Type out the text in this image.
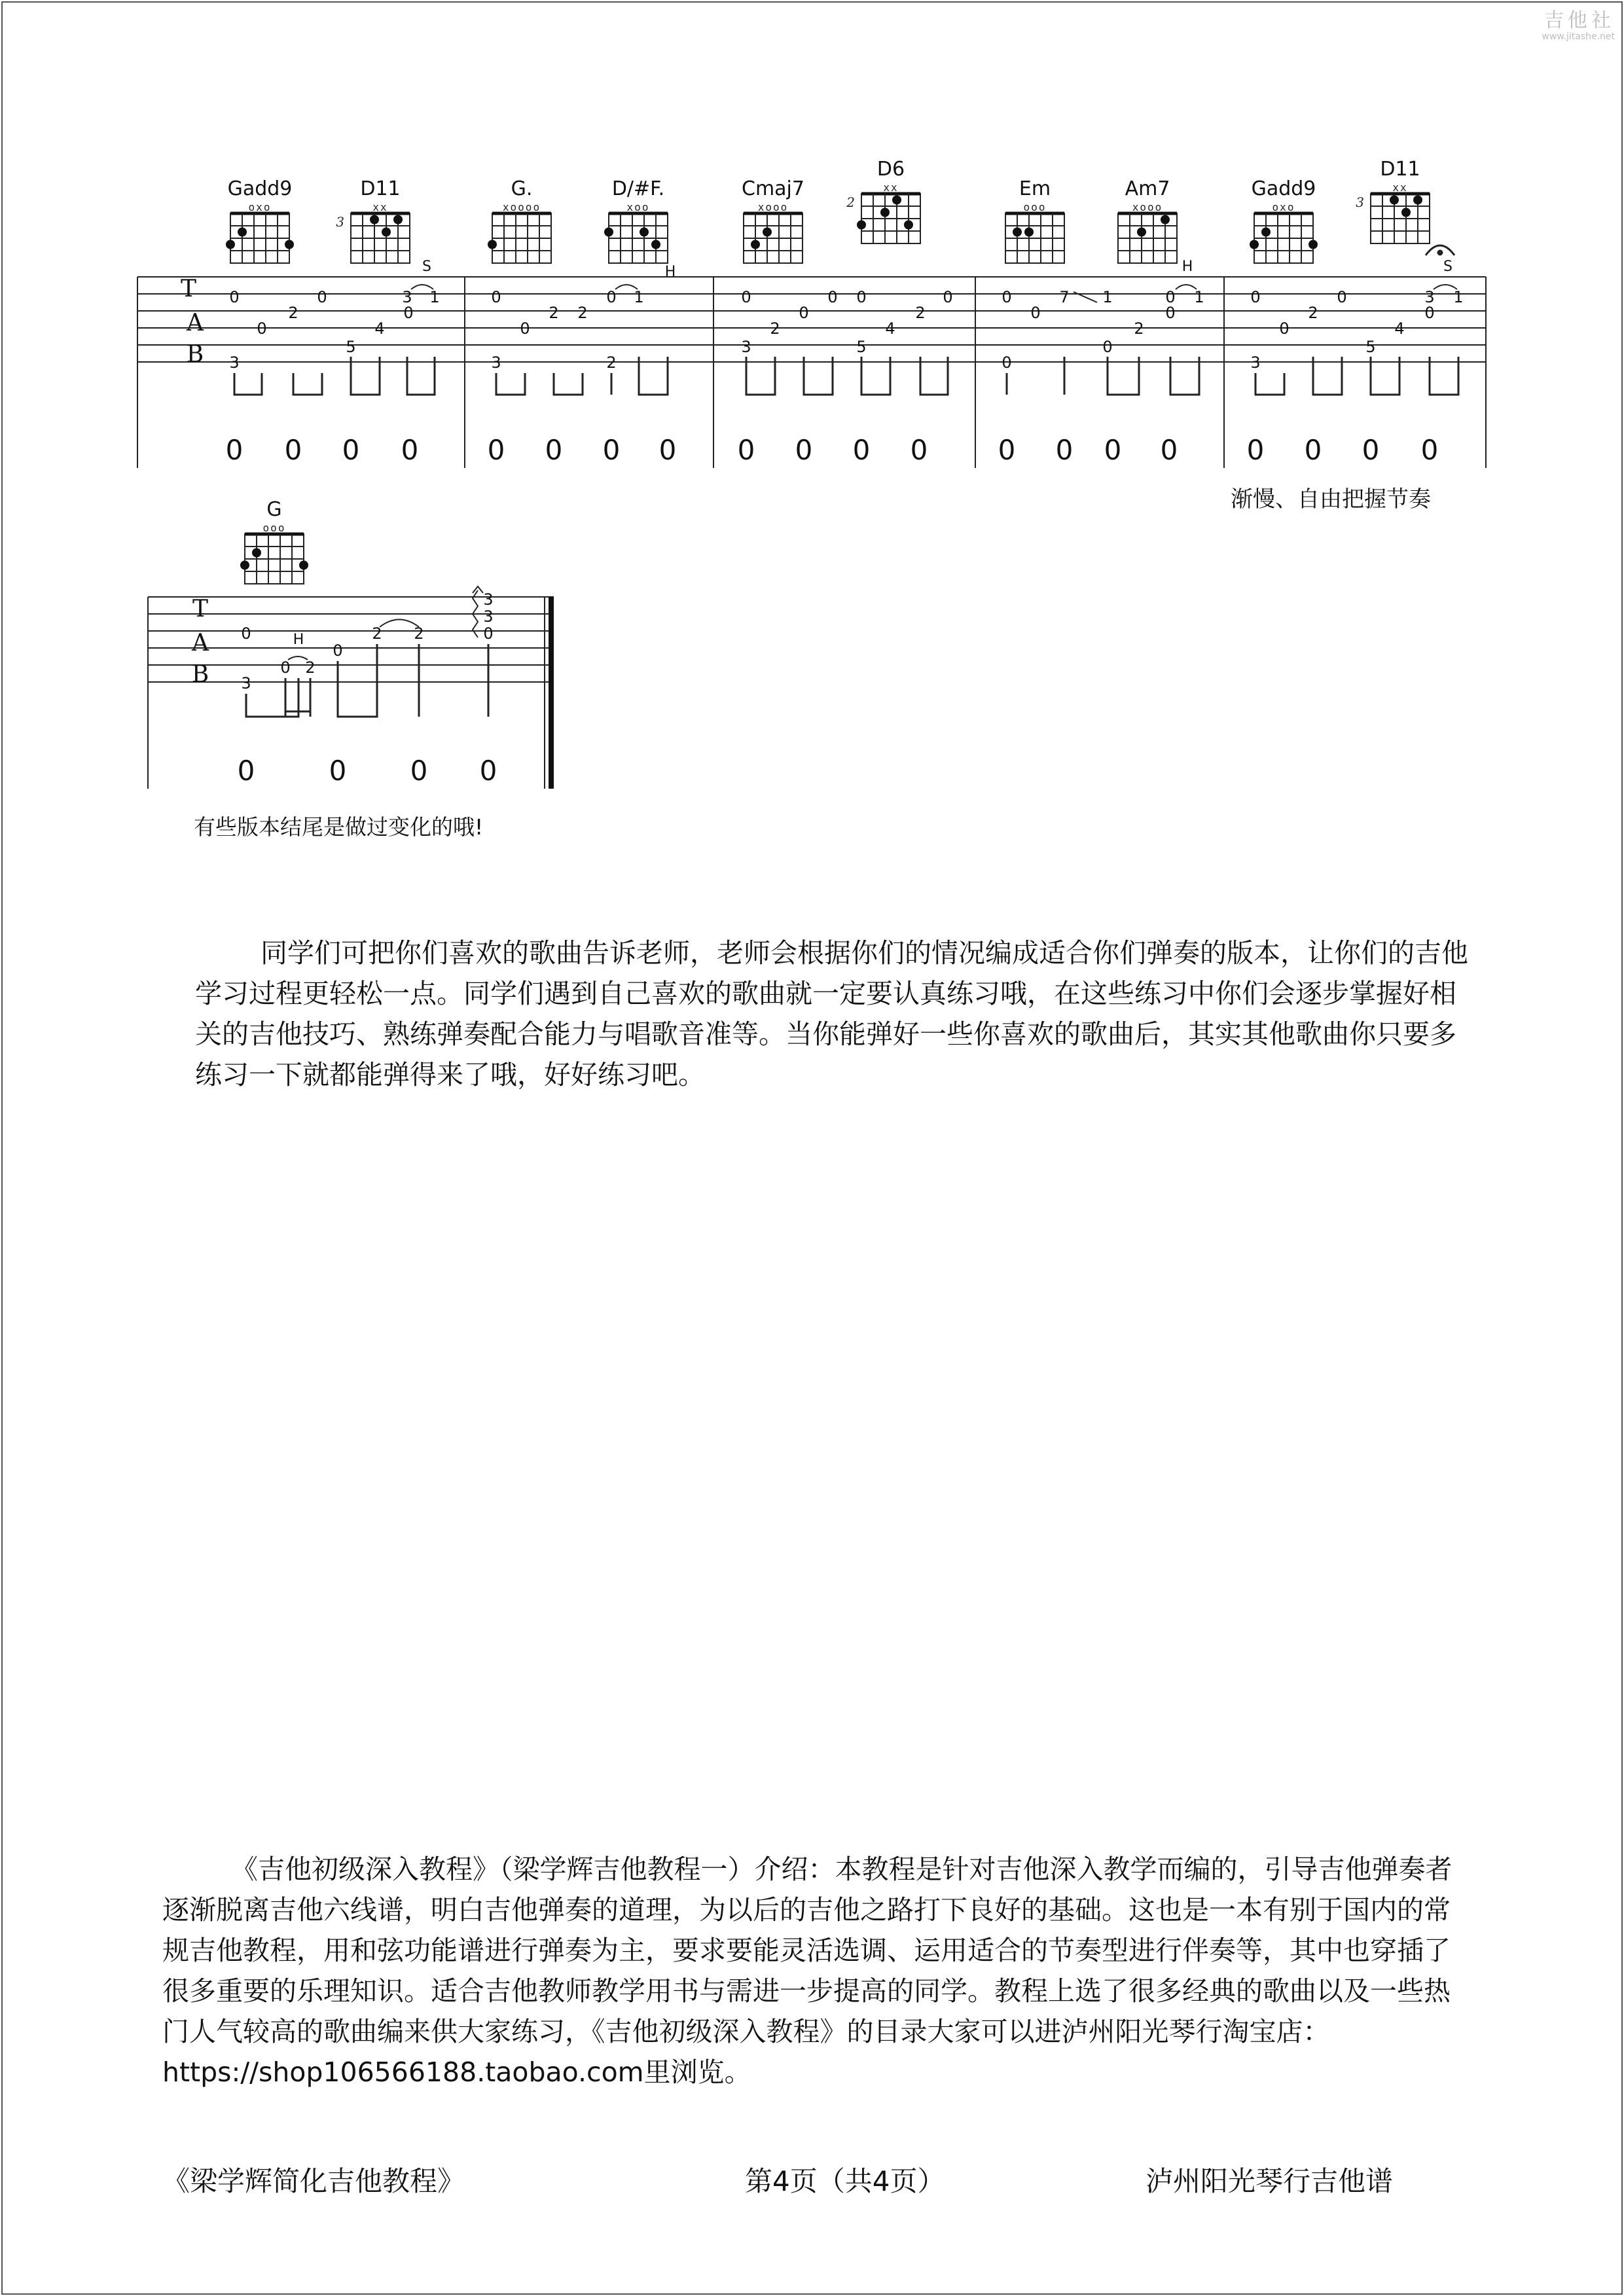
吉他社
www.jitashe.net
Gadd9
oxo
D11
xx
3
G.
xoooo
D/#F.
xoo
Cmaj7
xooo
D6
xx
2
Em
ooo
Am7
xooo
Gadd9
oxo
D11
xx
3
G
ooo
T
A
B
0
0
2
0
3
5
4
3
0
1	0
0
2 2
0 1
3	2
0
2
0
0 0
2
0
3	5
4
0
0
7 1
2
0 1
0
0
0
0
0
2
0
3
5
4
3
0
1
S	H	H	S
0 0 0 0	0 0 0 0 0 0 0 0	0 0 0 0	0 0 0 0
T
A
B
0
3
0 2
0
2 2
3
3
0
H
0	0 0 0
渐慢、自由把握节奏
有些版本结尾是做过变化的哦!
同学们可把你们喜欢的歌曲告诉老师，老师会根据你们的情况编成适合你们弹奏的版本，让你们的吉他学习过程更轻松一点。同学们遇到自己喜欢的歌曲就一定要认真练习哦，在这些练习中你们会逐步掌握好相关的吉他技巧、熟练弹奏配合能力与唱歌音准等。当你能弹好一些你喜欢的歌曲后，其实其他歌曲你只要多练习一下就都能弹得来了哦，好好练习吧。
《吉他初级深入教程》（梁学辉吉他教程一）介绍：本教程是针对吉他深入教学而编的，引导吉他弹奏者逐渐脱离吉他六线谱，明白吉他弹奏的道理，为以后的吉他之路打下良好的基础。这也是一本有别于国内的常规吉他教程，用和弦功能谱进行弹奏为主，要求要能灵活选调、运用适合的节奏型进行伴奏等，其中也穿插了很多重要的乐理知识。适合吉他教师教学用书与需进一步提高的同学。教程上选了很多经典的歌曲以及一些热门人气较高的歌曲编来供大家练习，《吉他初级深入教程》的目录大家可以进泸州阳光琴行淘宝店：https://shop106566188.taobao.com里浏览。
《梁学辉简化吉他教程》	第4页（共4页）	泸州阳光琴行吉他谱
